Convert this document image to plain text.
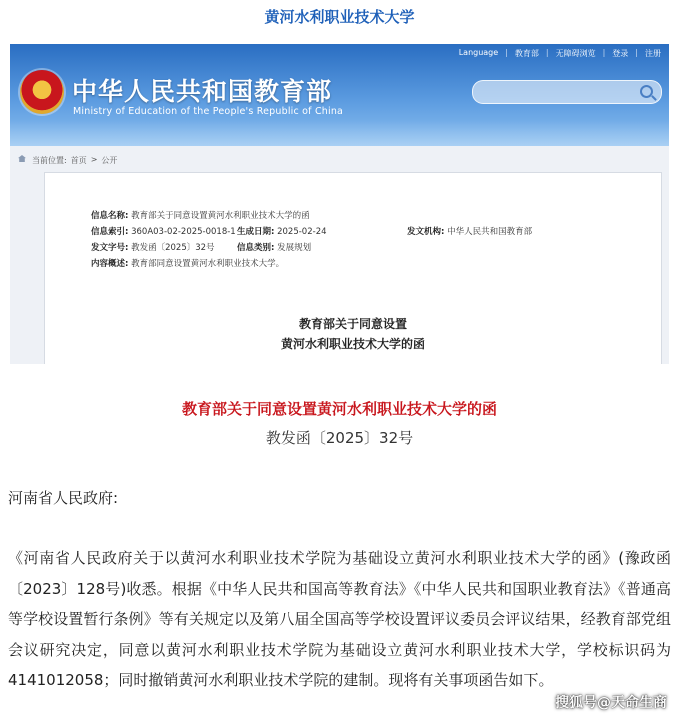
黄河水利职业技术大学
中华人民共和国教育部
Ministry of Education of the People's Republic of China
Language | 教育部 | 无障碍浏览 | 登录 | 注册
当前位置: 首页 > 公开
信息名称: 教育部关于同意设置黄河水利职业技术大学的函
信息索引: 360A03-02-2025-0018-1 生成日期: 2025-02-24	发文机构: 中华人民共和国教育部
发文字号: 教发函〔2025〕32号	信息类别: 发展规划
内容概述: 教育部同意设置黄河水利职业技术大学。
教育部关于同意设置
黄河水利职业技术大学的函
教育部关于同意设置黄河水利职业技术大学的函
教发函〔2025〕32号
河南省人民政府:
《河南省人民政府关于以黄河水利职业技术学院为基础设立黄河水利职业技术大学的函》(豫政函〔2023〕128号)收悉。根据《中华人民共和国高等教育法》《中华人民共和国职业教育法》《普通高等学校设置暂行条例》等有关规定以及第八届全国高等学校设置评议委员会评议结果，经教育部党组会议研究决定，同意以黄河水利职业技术学院为基础设立黄河水利职业技术大学，学校标识码为4141012058；同时撤销黄河水利职业技术学院的建制。现将有关事项函告如下。
搜狐号@天命生商
